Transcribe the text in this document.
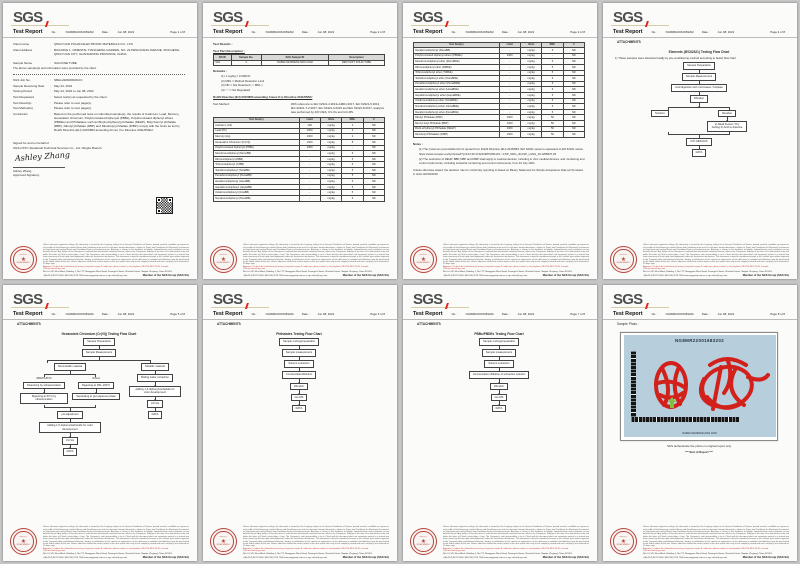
SGS
Test Report	No. :	NG8MR22001683202	Date :	Jun 08, 2022	Page 1 of 8
Client name	:	QINGYUAN PULIAN ELECTRONIC MATERIALS CO., LTD
Client address	:	BUILDING 1, ORIENTAL TIANCHENG GARDEN, NO. 23 PENGXIANG AVENUE, XINCHENG, QINGYUAN CITY, GUANGDONG PROVINCE, CHINA
Sample Name	:	SILICONE TUBE
The above sample(s) and information were provided by the client.
SGS Job No.	:	NBHL2206006001FC
Sample Receiving Date	:	May 24, 2022
Testing Period	:	May 24, 2022 to Jun 08, 2022
Test Requested	:	Select test(s) as requested by the client.
Test Result(s)	:	Please refer to next page(s).
Test Method(s)	:	Please refer to next page(s).
Conclusion	:	Based on the performed tests on submitted sample(s), the results of Cadmium, Lead, Mercury, Hexavalent chromium, Polybrominated biphenyls (PBBs), Polybrominated diphenyl ethers (PBDEs) and Phthalates such as Bis(2-ethylhexyl) phthalate (DEHP), Butyl benzyl phthalate (BBP), Dibutyl phthalate (DBP) and Diisobutyl phthalate (DIBP) comply with the limits as set by RoHS Directive (EU) 2015/863 amending Annex II to Directive 2011/65/EU.
Signed for and on behalf of
SGS-CSTC Standards Technical Services Co., Ltd. Ningbo Branch
Ashley Zhang
Ashley Zhang
Approved Signatory
SGS-CSTC
★
NINGBO BRANCH
Unless otherwise agreed in writing, this document is issued by the Company subject to its General Conditions of Service printed overleaf, available on request or accessible at http://www.sgs.com/en/Terms-and-Conditions.aspx and, for electronic format documents, subject to Terms and Conditions for Electronic Documents at http://www.sgs.com/en/Terms-and-Conditions/Terms-e-Document.aspx. Attention is drawn to the limitation of liability, indemnification and jurisdiction issues defined therein. Any holder of this document is advised that information contained hereon reflects the Company's findings at the time of its intervention only and within the limits of Client's instructions, if any. The Company's sole responsibility is to its Client and this document does not exonerate parties to a transaction from exercising all their rights and obligations under the transaction documents. This document cannot be reproduced except in full, without prior written approval of the Company. Any unauthorized alteration, forgery or falsification of the content or appearance of this document is unlawful and offenders may be prosecuted to the fullest extent of the law. Unless otherwise stated the results shown in this test report refer only to the sample(s) tested and such sample(s) are retained for 30 days only.
Attention: To check the authenticity of testing / inspection report & certificate, please contact us at telephone: (86-755) 8307 1443, or email: CN.Doccheck@sgs.com
No.1-4, 5/F, West Block, Building 1, No.777 Zhongguan West Road, Zhuangshi Street, Zhenhai District, Ningbo, Zhejiang, China 315201
t (86-574) 8776 7006 f (86-574) 8776 7000 www.sgsgroup.com.cn e sgs.china@sgs.com	Member of the SGS Group (SGS SA)
SGS
Test Report	No. :	NG8MR22001683202	Date :	Jun 08, 2022	Page 2 of 8
Test Results :
Test Part Description :
SN ID	Sample No.	SGS Sample ID	Description
SN1	2	NGB22-001683202-0001.C002	RED SOFT SOLID TUBE
Remarks :
(1) 1 mg/kg = 0.0001%
(2) MDL = Method Detection Limit
(3) ND = Not Detected ( < MDL )
(4) "-" = Not Regulated
RoHS Directive (EU) 2015/863 amending Annex II to Directive 2011/65/EU
Test Method :	With reference to IEC 62321-4:2013+AMD1:2017, IEC 62321-5:2013, IEC 62321-7-2:2017, IEC 62321-6:2015 and IEC 62321-8:2017, analysis was performed by ICP-OES, UV-Vis and GC-MS.
Test Item(s)	Limit	Units	MDL	2
Cadmium (Cd)	100	mg/kg	2	ND
Lead (Pb)	1000	mg/kg	2	ND
Mercury (Hg)	1000	mg/kg	2	ND
Hexavalent Chromium (Cr(VI))	1000	mg/kg	8	ND
Polybrominated biphenyls (PBBs)	1000	mg/kg	-	ND
Monobromobiphenyl (MonoBB)	-	mg/kg	5	ND
Dibromobiphenyl (DiBB)	-	mg/kg	5	ND
Tribromobiphenyl (TriBB)	-	mg/kg	5	ND
Tetrabromobiphenyl (TetraBB)	-	mg/kg	5	ND
Pentabromobiphenyl (PentaBB)	-	mg/kg	5	ND
Hexabromobiphenyl (HexaBB)	-	mg/kg	5	ND
Heptabromobiphenyl (HeptaBB)	-	mg/kg	5	ND
Octabromobiphenyl (OctaBB)	-	mg/kg	5	ND
Nonabromobiphenyl (NonaBB)	-	mg/kg	5	ND
SGS-CSTC
★
NINGBO BRANCH
Unless otherwise agreed in writing, this document is issued by the Company subject to its General Conditions of Service printed overleaf, available on request or accessible at http://www.sgs.com/en/Terms-and-Conditions.aspx and, for electronic format documents, subject to Terms and Conditions for Electronic Documents at http://www.sgs.com/en/Terms-and-Conditions/Terms-e-Document.aspx. Attention is drawn to the limitation of liability, indemnification and jurisdiction issues defined therein. Any holder of this document is advised that information contained hereon reflects the Company's findings at the time of its intervention only and within the limits of Client's instructions, if any. The Company's sole responsibility is to its Client and this document does not exonerate parties to a transaction from exercising all their rights and obligations under the transaction documents. This document cannot be reproduced except in full, without prior written approval of the Company. Any unauthorized alteration, forgery or falsification of the content or appearance of this document is unlawful and offenders may be prosecuted to the fullest extent of the law. Unless otherwise stated the results shown in this test report refer only to the sample(s) tested and such sample(s) are retained for 30 days only.
Attention: To check the authenticity of testing / inspection report & certificate, please contact us at telephone: (86-755) 8307 1443, or email: CN.Doccheck@sgs.com
No.1-4, 5/F, West Block, Building 1, No.777 Zhongguan West Road, Zhuangshi Street, Zhenhai District, Ningbo, Zhejiang, China 315201
t (86-574) 8776 7006 f (86-574) 8776 7000 www.sgsgroup.com.cn e sgs.china@sgs.com	Member of the SGS Group (SGS SA)
SGS
Test Report	No. :	NG8MR22001683202	Date :	Jun 08, 2022	Page 3 of 8
Test Item(s)	Limit	Units	MDL	2
Decabromobiphenyl (DecaBB)	-	mg/kg	5	ND
Polybrominated diphenyl ethers (PBDEs)	1000	mg/kg	-	ND
Monobromodiphenyl ether (MonoBDE)	-	mg/kg	5	ND
Dibromodiphenyl ether (DiBDE)	-	mg/kg	5	ND
Tribromodiphenyl ether (TriBDE)	-	mg/kg	5	ND
Tetrabromodiphenyl ether (TetraBDE)	-	mg/kg	5	ND
Pentabromodiphenyl ether (PentaBDE)	-	mg/kg	5	ND
Hexabromodiphenyl ether (HexaBDE)	-	mg/kg	5	ND
Heptabromodiphenyl ether (HeptaBDE)	-	mg/kg	5	ND
Octabromodiphenyl ether (OctaBDE)	-	mg/kg	5	ND
Nonabromodiphenyl ether (NonaBDE)	-	mg/kg	5	ND
Decabromodiphenyl ether (DecaBDE)	-	mg/kg	5	ND
Dibutyl Phthalate (DBP)	1000	mg/kg	50	ND
Benzyl butyl Phthalate (BBP)	1000	mg/kg	50	ND
Bis(2-ethylhexyl) Phthalate (DEHP)	1000	mg/kg	50	ND
Diisobutyl Phthalates (DIBP)	1000	mg/kg	50	ND
Notes :
(1) The maximum permissible limit is quoted from RoHS Directive (EU) 2015/863. IEC 62321 series is equivalent to EN 62321 series.
https://www.cenelec.eu/dyn/www/f?p=104:30:1742232870351101::::FSP_ORG_ID,FSP_LANG_ID:1258637,25
(2) The restriction of DEHP, BBP, DBP and DIBP shall apply to medical devices, including in vitro medical devices, and monitoring and control instruments, including industrial monitoring and control instruments, from 22 July 2021.
Unless otherwise stated, the decision rule for conformity reporting is based on Binary Statement for Simple Acceptance Rule (w=0) stated in ILAC-G8:09/2019.
SGS-CSTC
★
NINGBO BRANCH
Unless otherwise agreed in writing, this document is issued by the Company subject to its General Conditions of Service printed overleaf, available on request or accessible at http://www.sgs.com/en/Terms-and-Conditions.aspx and, for electronic format documents, subject to Terms and Conditions for Electronic Documents at http://www.sgs.com/en/Terms-and-Conditions/Terms-e-Document.aspx. Attention is drawn to the limitation of liability, indemnification and jurisdiction issues defined therein. Any holder of this document is advised that information contained hereon reflects the Company's findings at the time of its intervention only and within the limits of Client's instructions, if any. The Company's sole responsibility is to its Client and this document does not exonerate parties to a transaction from exercising all their rights and obligations under the transaction documents. This document cannot be reproduced except in full, without prior written approval of the Company. Any unauthorized alteration, forgery or falsification of the content or appearance of this document is unlawful and offenders may be prosecuted to the fullest extent of the law. Unless otherwise stated the results shown in this test report refer only to the sample(s) tested and such sample(s) are retained for 30 days only.
Attention: To check the authenticity of testing / inspection report & certificate, please contact us at telephone: (86-755) 8307 1443, or email: CN.Doccheck@sgs.com
No.1-4, 5/F, West Block, Building 1, No.777 Zhongguan West Road, Zhuangshi Street, Zhenhai District, Ningbo, Zhejiang, China 315201
t (86-574) 8776 7006 f (86-574) 8776 7000 www.sgsgroup.com.cn e sgs.china@sgs.com	Member of the SGS Group (SGS SA)
SGS
Test Report	No. :	NG8MR22001683202	Date :	Jun 08, 2022	Page 4 of 8
ATTACHMENTS
Elements (IEC62321) Testing Flow Chart
1) These samples were dissolved totally by pre-conditioning method according to below flow chart.
Sample Preparation
Sample Measurement
Acid digestion with microwave / hotplate
Filtration
Solution	Residue
1) Alkali Fusion / Dry Ashing 2) Acid to dissolve
ICP-OES/AAS
DATA
SGS-CSTC
★
NINGBO BRANCH
Unless otherwise agreed in writing, this document is issued by the Company subject to its General Conditions of Service printed overleaf, available on request or accessible at http://www.sgs.com/en/Terms-and-Conditions.aspx and, for electronic format documents, subject to Terms and Conditions for Electronic Documents at http://www.sgs.com/en/Terms-and-Conditions/Terms-e-Document.aspx. Attention is drawn to the limitation of liability, indemnification and jurisdiction issues defined therein. Any holder of this document is advised that information contained hereon reflects the Company's findings at the time of its intervention only and within the limits of Client's instructions, if any. The Company's sole responsibility is to its Client and this document does not exonerate parties to a transaction from exercising all their rights and obligations under the transaction documents. This document cannot be reproduced except in full, without prior written approval of the Company. Any unauthorized alteration, forgery or falsification of the content or appearance of this document is unlawful and offenders may be prosecuted to the fullest extent of the law. Unless otherwise stated the results shown in this test report refer only to the sample(s) tested and such sample(s) are retained for 30 days only.
Attention: To check the authenticity of testing / inspection report & certificate, please contact us at telephone: (86-755) 8307 1443, or email: CN.Doccheck@sgs.com
No.1-4, 5/F, West Block, Building 1, No.777 Zhongguan West Road, Zhuangshi Street, Zhenhai District, Ningbo, Zhejiang, China 315201
t (86-574) 8776 7006 f (86-574) 8776 7000 www.sgsgroup.com.cn e sgs.china@sgs.com	Member of the SGS Group (SGS SA)
SGS
Test Report	No. :	NG8MR22001683202	Date :	Jun 08, 2022	Page 5 of 8
ATTACHMENTS
Hexavalent Chromium (Cr(VI)) Testing Flow Chart
Sample Preparation
Sample Measurement
Nonmetallic material
ABS/PC/PVC
Dissolving by ultrasonication
Digesting at 60°C by ultrasonication
Others
Digesting at 150~160°C
Separating to get aqueous phase
pH adjustment
Adding 1,5-diphenylcarbazide for color development
UV-Vis
DATA
Metallic material
Boiling water extraction
Adding 1,5-diphenylcarbazide for color development
UV-Vis
DATA
SGS-CSTC
★
NINGBO BRANCH
Unless otherwise agreed in writing, this document is issued by the Company subject to its General Conditions of Service printed overleaf, available on request or accessible at http://www.sgs.com/en/Terms-and-Conditions.aspx and, for electronic format documents, subject to Terms and Conditions for Electronic Documents at http://www.sgs.com/en/Terms-and-Conditions/Terms-e-Document.aspx. Attention is drawn to the limitation of liability, indemnification and jurisdiction issues defined therein. Any holder of this document is advised that information contained hereon reflects the Company's findings at the time of its intervention only and within the limits of Client's instructions, if any. The Company's sole responsibility is to its Client and this document does not exonerate parties to a transaction from exercising all their rights and obligations under the transaction documents. This document cannot be reproduced except in full, without prior written approval of the Company. Any unauthorized alteration, forgery or falsification of the content or appearance of this document is unlawful and offenders may be prosecuted to the fullest extent of the law. Unless otherwise stated the results shown in this test report refer only to the sample(s) tested and such sample(s) are retained for 30 days only.
Attention: To check the authenticity of testing / inspection report & certificate, please contact us at telephone: (86-755) 8307 1443, or email: CN.Doccheck@sgs.com
No.1-4, 5/F, West Block, Building 1, No.777 Zhongguan West Road, Zhuangshi Street, Zhenhai District, Ningbo, Zhejiang, China 315201
t (86-574) 8776 7006 f (86-574) 8776 7000 www.sgsgroup.com.cn e sgs.china@sgs.com	Member of the SGS Group (SGS SA)
SGS
Test Report	No. :	NG8MR22001683202	Date :	Jun 08, 2022	Page 6 of 8
ATTACHMENTS
Phthalates Testing Flow Chart
Sample cutting/preparation
Sample measurement
Solvent extraction
Concentration/Dilution
Filtration
GC-MS
DATA
SGS-CSTC
★
NINGBO BRANCH
Unless otherwise agreed in writing, this document is issued by the Company subject to its General Conditions of Service printed overleaf, available on request or accessible at http://www.sgs.com/en/Terms-and-Conditions.aspx and, for electronic format documents, subject to Terms and Conditions for Electronic Documents at http://www.sgs.com/en/Terms-and-Conditions/Terms-e-Document.aspx. Attention is drawn to the limitation of liability, indemnification and jurisdiction issues defined therein. Any holder of this document is advised that information contained hereon reflects the Company's findings at the time of its intervention only and within the limits of Client's instructions, if any. The Company's sole responsibility is to its Client and this document does not exonerate parties to a transaction from exercising all their rights and obligations under the transaction documents. This document cannot be reproduced except in full, without prior written approval of the Company. Any unauthorized alteration, forgery or falsification of the content or appearance of this document is unlawful and offenders may be prosecuted to the fullest extent of the law. Unless otherwise stated the results shown in this test report refer only to the sample(s) tested and such sample(s) are retained for 30 days only.
Attention: To check the authenticity of testing / inspection report & certificate, please contact us at telephone: (86-755) 8307 1443, or email: CN.Doccheck@sgs.com
No.1-4, 5/F, West Block, Building 1, No.777 Zhongguan West Road, Zhuangshi Street, Zhenhai District, Ningbo, Zhejiang, China 315201
t (86-574) 8776 7006 f (86-574) 8776 7000 www.sgsgroup.com.cn e sgs.china@sgs.com	Member of the SGS Group (SGS SA)
SGS
Test Report	No. :	NG8MR22001683202	Date :	Jun 08, 2022	Page 7 of 8
ATTACHMENTS
PBBs/PBDEs Testing Flow Chart
Sample cutting/preparation
Sample measurement
Solvent extraction
Concentration /Dilution of extraction solution
Filtration
GC-MS
DATA
SGS-CSTC
★
NINGBO BRANCH
Unless otherwise agreed in writing, this document is issued by the Company subject to its General Conditions of Service printed overleaf, available on request or accessible at http://www.sgs.com/en/Terms-and-Conditions.aspx and, for electronic format documents, subject to Terms and Conditions for Electronic Documents at http://www.sgs.com/en/Terms-and-Conditions/Terms-e-Document.aspx. Attention is drawn to the limitation of liability, indemnification and jurisdiction issues defined therein. Any holder of this document is advised that information contained hereon reflects the Company's findings at the time of its intervention only and within the limits of Client's instructions, if any. The Company's sole responsibility is to its Client and this document does not exonerate parties to a transaction from exercising all their rights and obligations under the transaction documents. This document cannot be reproduced except in full, without prior written approval of the Company. Any unauthorized alteration, forgery or falsification of the content or appearance of this document is unlawful and offenders may be prosecuted to the fullest extent of the law. Unless otherwise stated the results shown in this test report refer only to the sample(s) tested and such sample(s) are retained for 30 days only.
Attention: To check the authenticity of testing / inspection report & certificate, please contact us at telephone: (86-755) 8307 1443, or email: CN.Doccheck@sgs.com
No.1-4, 5/F, West Block, Building 1, No.777 Zhongguan West Road, Zhuangshi Street, Zhenhai District, Ningbo, Zhejiang, China 315201
t (86-574) 8776 7006 f (86-574) 8776 7000 www.sgsgroup.com.cn e sgs.china@sgs.com	Member of the SGS Group (SGS SA)
SGS
Test Report	No. :	NG8MR22001683202	Date :	Jun 08, 2022	Page 8 of 8
Sample Photo :
NG8MR22001683202
NGB22-001683202-0001.C002
SGS authenticate the photo on original report only
*** End of Report ***
SGS-CSTC
★
NINGBO BRANCH
Unless otherwise agreed in writing, this document is issued by the Company subject to its General Conditions of Service printed overleaf, available on request or accessible at http://www.sgs.com/en/Terms-and-Conditions.aspx and, for electronic format documents, subject to Terms and Conditions for Electronic Documents at http://www.sgs.com/en/Terms-and-Conditions/Terms-e-Document.aspx. Attention is drawn to the limitation of liability, indemnification and jurisdiction issues defined therein. Any holder of this document is advised that information contained hereon reflects the Company's findings at the time of its intervention only and within the limits of Client's instructions, if any. The Company's sole responsibility is to its Client and this document does not exonerate parties to a transaction from exercising all their rights and obligations under the transaction documents. This document cannot be reproduced except in full, without prior written approval of the Company. Any unauthorized alteration, forgery or falsification of the content or appearance of this document is unlawful and offenders may be prosecuted to the fullest extent of the law. Unless otherwise stated the results shown in this test report refer only to the sample(s) tested and such sample(s) are retained for 30 days only.
Attention: To check the authenticity of testing / inspection report & certificate, please contact us at telephone: (86-755) 8307 1443, or email: CN.Doccheck@sgs.com
No.1-4, 5/F, West Block, Building 1, No.777 Zhongguan West Road, Zhuangshi Street, Zhenhai District, Ningbo, Zhejiang, China 315201
t (86-574) 8776 7006 f (86-574) 8776 7000 www.sgsgroup.com.cn e sgs.china@sgs.com	Member of the SGS Group (SGS SA)
